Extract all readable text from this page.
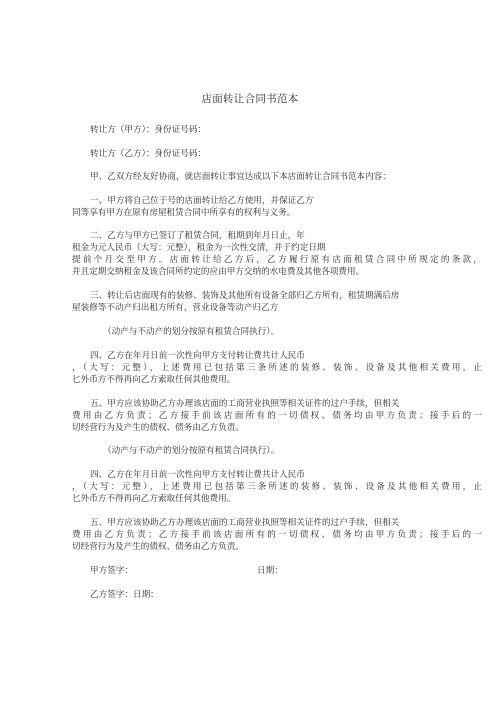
店面转让合同书范本
转让方（甲方）：身份证号码：
转让方（乙方）：身份证号码：
甲、乙双方经友好协商，就店面转让事宜达成以下本店面转让合同书范本内容：
一、甲方将自己位于号的店面转让给乙方使用，并保证乙方
同等享有甲方在原有房屋租赁合同中所享有的权利与义务。
二、乙方与甲方已签订了租赁合同，租期到年月日止，年
租金为元人民币（大写：元整），租金为一次性交清，并于约定日期
提前个月交至甲方。店面转让给乙方后，乙方履行原有店面租赁合同中所规定的条款，
并且定期交纳租金及该合同所约定的应由甲方交纳的水电费及其他各项费用。
三、转让后店面现有的装修、装饰及其他所有设备全部归乙方所有，租赁期满后房
屋装修等不动产归出租方所有，营业设备等动产归乙方
（动产与不动产的划分按原有租赁合同执行）。
四、乙方在年月日前一次性向甲方支付转让费共计人民币
，（大写：元整），上述费用已包括第三条所述的装修、装饰、设备及其他相关费用，止
匕外币方不得再向乙方索取任何其他费用。
五、甲方应该协助乙方办理该店面的工商营业执照等相关证件的过户手续，但相关
费用由乙方负责；乙方接手前该店面所有的一切债权、债务均由甲方负责；接手后的一
切经营行为及产生的债权、债务由乙方负责。
（动产与不动产的划分按原有租赁合同执行）。
四、乙方在年月日前一次性向甲方支付转让费共计人民币
，（大写：元整），上述费用已包括第三条所述的装修、装饰、设备及其他相关费用，止
匕外币方不得再向乙方索取任何其他费用。
五、甲方应该协助乙方办理该店面的工商营业执照等相关证件的过户手续，但相关
费用由乙方负责；乙方接手前该店面所有的一切债权、债务均由甲方负责；接手后的一
切经营行为及产生的债权、债务由乙方负责。
甲方签字：	日期：
乙方签字：日期：
